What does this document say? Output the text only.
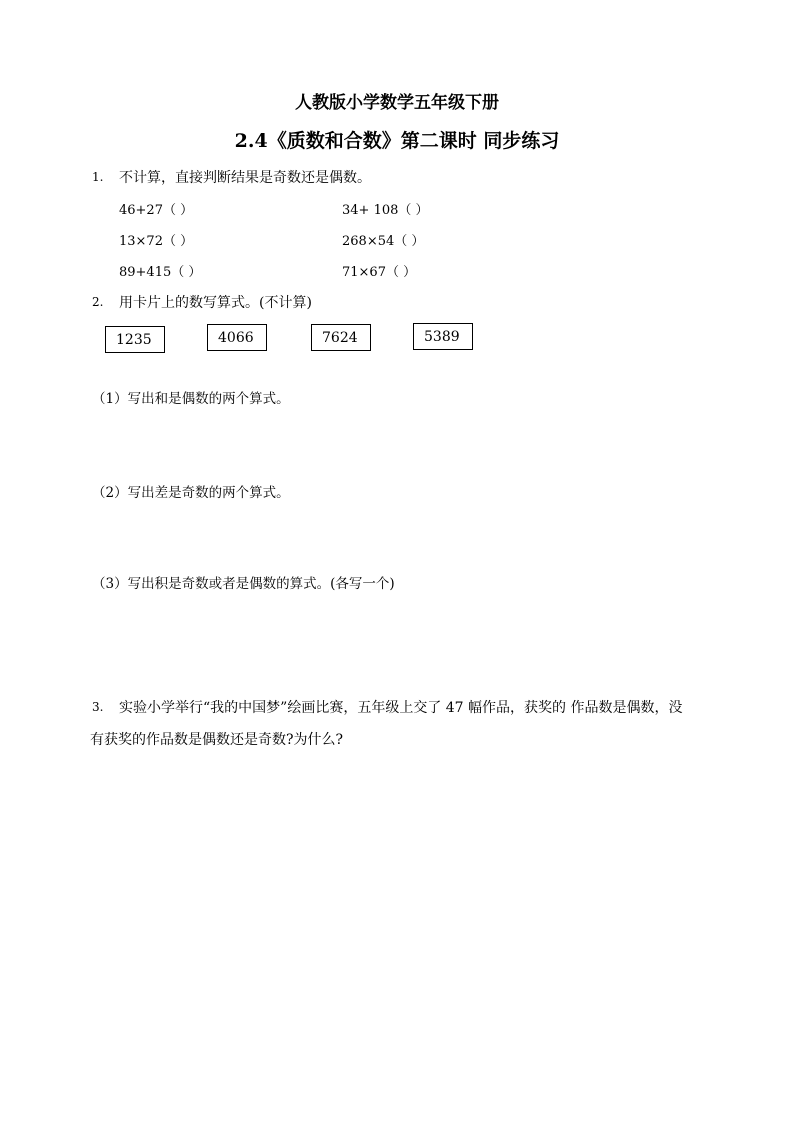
人教版小学数学五年级下册
2.4《质数和合数》第二课时 同步练习
1. 不计算，直接判断结果是奇数还是偶数。
46+27（ ）	34+ 108（ ）
13×72（ ）	268×54（ ）
89+415（ ）	71×67（ ）
2. 用卡片上的数写算式。(不计算)
1235	4066	7624	5389
（1）写出和是偶数的两个算式。
（2）写出差是奇数的两个算式。
（3）写出积是奇数或者是偶数的算式。(各写一个)
3. 实验小学举行“我的中国梦”绘画比赛，五年级上交了 47 幅作品，获奖的 作品数是偶数，没
有获奖的作品数是偶数还是奇数?为什么?
